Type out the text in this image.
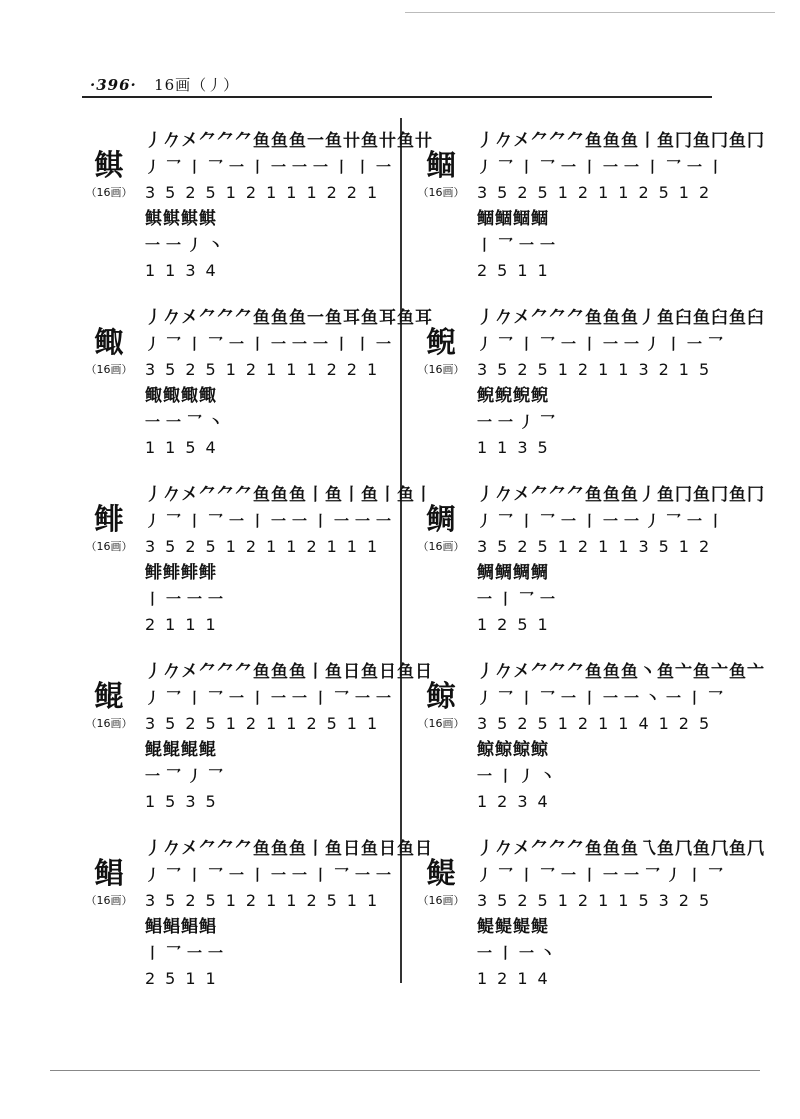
·396· 16画（丿）
鲯
（16画）
丿𠂊㐅⺈⺈⺈鱼鱼鱼一鱼卄鱼卄鱼卄
丿乛丨乛一丨一一一丨丨一
352512111221
鲯鲯鲯鲯
一一丿丶
1134
鲰
（16画）
丿𠂊㐅⺈⺈⺈鱼鱼鱼一鱼耳鱼耳鱼耳
丿乛丨乛一丨一一一丨丨一
352512111221
鲰鲰鲰鲰
一一乛丶
1154
鲱
（16画）
丿𠂊㐅⺈⺈⺈鱼鱼鱼丨鱼丨鱼丨鱼丨
丿乛丨乛一丨一一丨一一一
352512112111
鲱鲱鲱鲱
丨一一一
2111
鲲
（16画）
丿𠂊㐅⺈⺈⺈鱼鱼鱼丨鱼日鱼日鱼日
丿乛丨乛一丨一一丨乛一一
352512112511
鲲鲲鲲鲲
一乛丿乛
1535
鲳
（16画）
丿𠂊㐅⺈⺈⺈鱼鱼鱼丨鱼日鱼日鱼日
丿乛丨乛一丨一一丨乛一一
352512112511
鲳鲳鲳鲳
丨乛一一
2511
鲴
（16画）
丿𠂊㐅⺈⺈⺈鱼鱼鱼丨鱼冂鱼冂鱼冂
丿乛丨乛一丨一一丨乛一丨
352512112512
鲴鲴鲴鲴
丨乛一一
2511
鲵
（16画）
丿𠂊㐅⺈⺈⺈鱼鱼鱼丿鱼臼鱼臼鱼臼
丿乛丨乛一丨一一丿丨一乛
352512113215
鲵鲵鲵鲵
一一丿乛
1135
鲷
（16画）
丿𠂊㐅⺈⺈⺈鱼鱼鱼丿鱼冂鱼冂鱼冂
丿乛丨乛一丨一一丿乛一丨
352512113512
鲷鲷鲷鲷
一丨乛一
1251
鲸
（16画）
丿𠂊㐅⺈⺈⺈鱼鱼鱼丶鱼亠鱼亠鱼亠
丿乛丨乛一丨一一丶一丨乛
352512114125
鲸鲸鲸鲸
一丨丿丶
1234
鳀
（16画）
丿𠂊㐅⺈⺈⺈鱼鱼鱼乁鱼⺇鱼⺇鱼⺇
丿乛丨乛一丨一一乛丿丨乛
352512115325
鳀鳀鳀鳀
一丨一丶
1214
